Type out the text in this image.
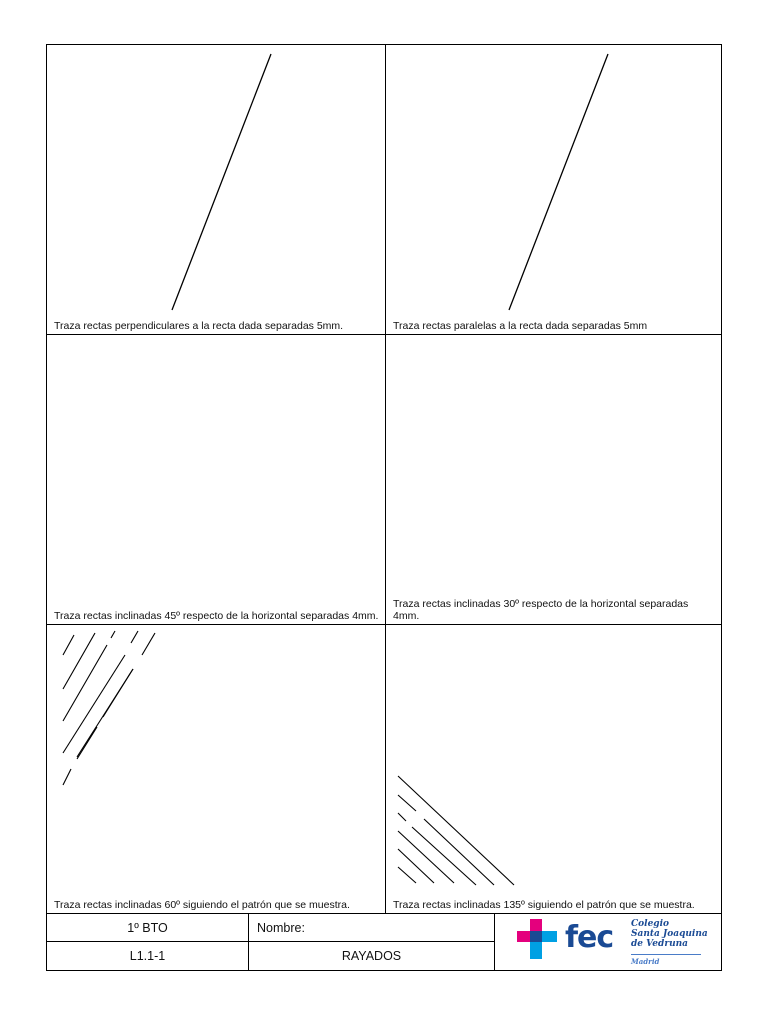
Traza rectas perpendiculares a la recta dada separadas 5mm.	Traza rectas paralelas a la recta dada separadas 5mm
Traza rectas inclinadas 45º respecto de la horizontal separadas 4mm.
Traza rectas inclinadas 30º respecto de la horizontal separadas 4mm.
Traza rectas inclinadas 60º siguiendo el patrón que se muestra.	Traza rectas inclinadas 135º siguiendo el patrón que se muestra.
1º BTO	Nombre:
L1.1-1	RAYADOS
fec Colegio
Santa Joaquina
de Vedruna
Madrid
